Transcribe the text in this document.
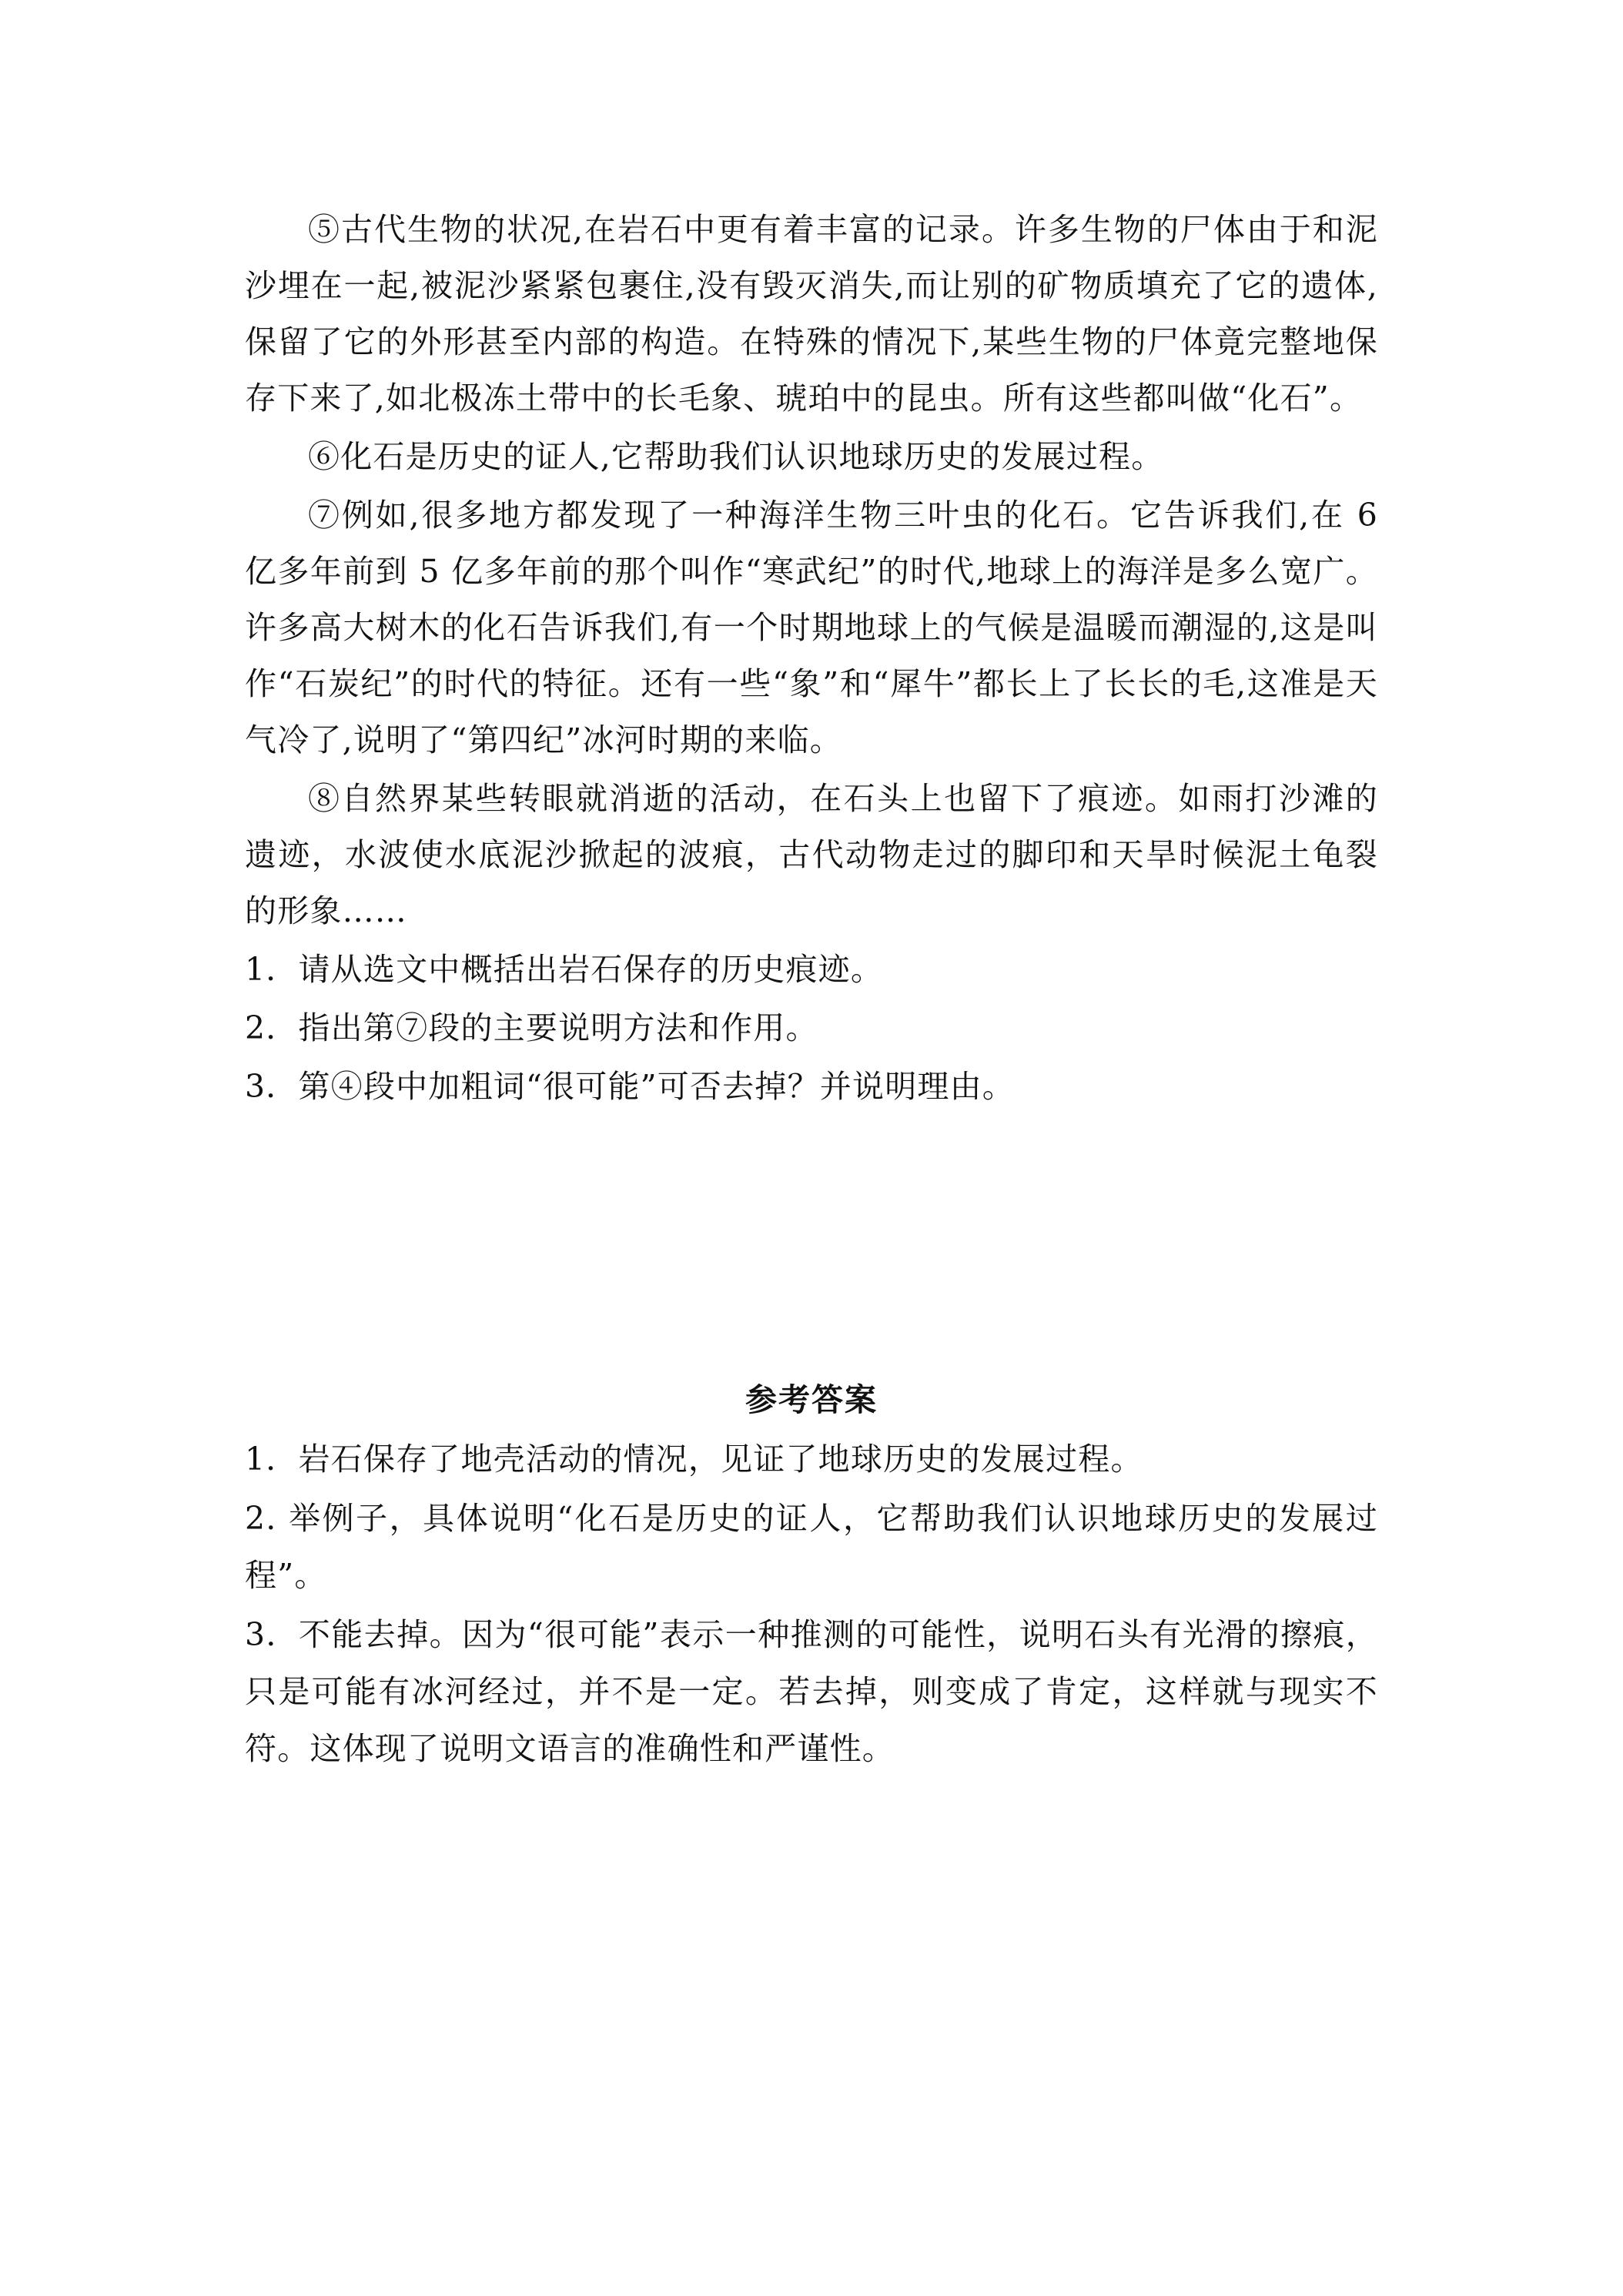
⑤古代生物的状况,在岩石中更有着丰富的记录。许多生物的尸体由于和泥沙埋在一起,被泥沙紧紧包裹住,没有毁灭消失,而让别的矿物质填充了它的遗体,保留了它的外形甚至内部的构造。在特殊的情况下,某些生物的尸体竟完整地保存下来了,如北极冻土带中的长毛象、琥珀中的昆虫。所有这些都叫做“化石”。

⑥化石是历史的证人,它帮助我们认识地球历史的发展过程。

⑦例如,很多地方都发现了一种海洋生物三叶虫的化石。它告诉我们,在 6 亿多年前到 5 亿多年前的那个叫作“寒武纪”的时代,地球上的海洋是多么宽广。许多高大树木的化石告诉我们,有一个时期地球上的气候是温暖而潮湿的,这是叫作“石炭纪”的时代的特征。还有一些“象”和“犀牛”都长上了长长的毛,这准是天气冷了,说明了“第四纪”冰河时期的来临。

⑧自然界某些转眼就消逝的活动，在石头上也留下了痕迹。如雨打沙滩的遗迹，水波使水底泥沙掀起的波痕，古代动物走过的脚印和天旱时候泥土龟裂的形象……

1．请从选文中概括出岩石保存的历史痕迹。

2．指出第⑦段的主要说明方法和作用。

3．第④段中加粗词“很可能”可否去掉？并说明理由。

参考答案

1．岩石保存了地壳活动的情况，见证了地球历史的发展过程。

2. 举例子，具体说明“化石是历史的证人，它帮助我们认识地球历史的发展过程”。

3．不能去掉。因为“很可能”表示一种推测的可能性，说明石头有光滑的擦痕，只是可能有冰河经过，并不是一定。若去掉，则变成了肯定，这样就与现实不符。这体现了说明文语言的准确性和严谨性。
